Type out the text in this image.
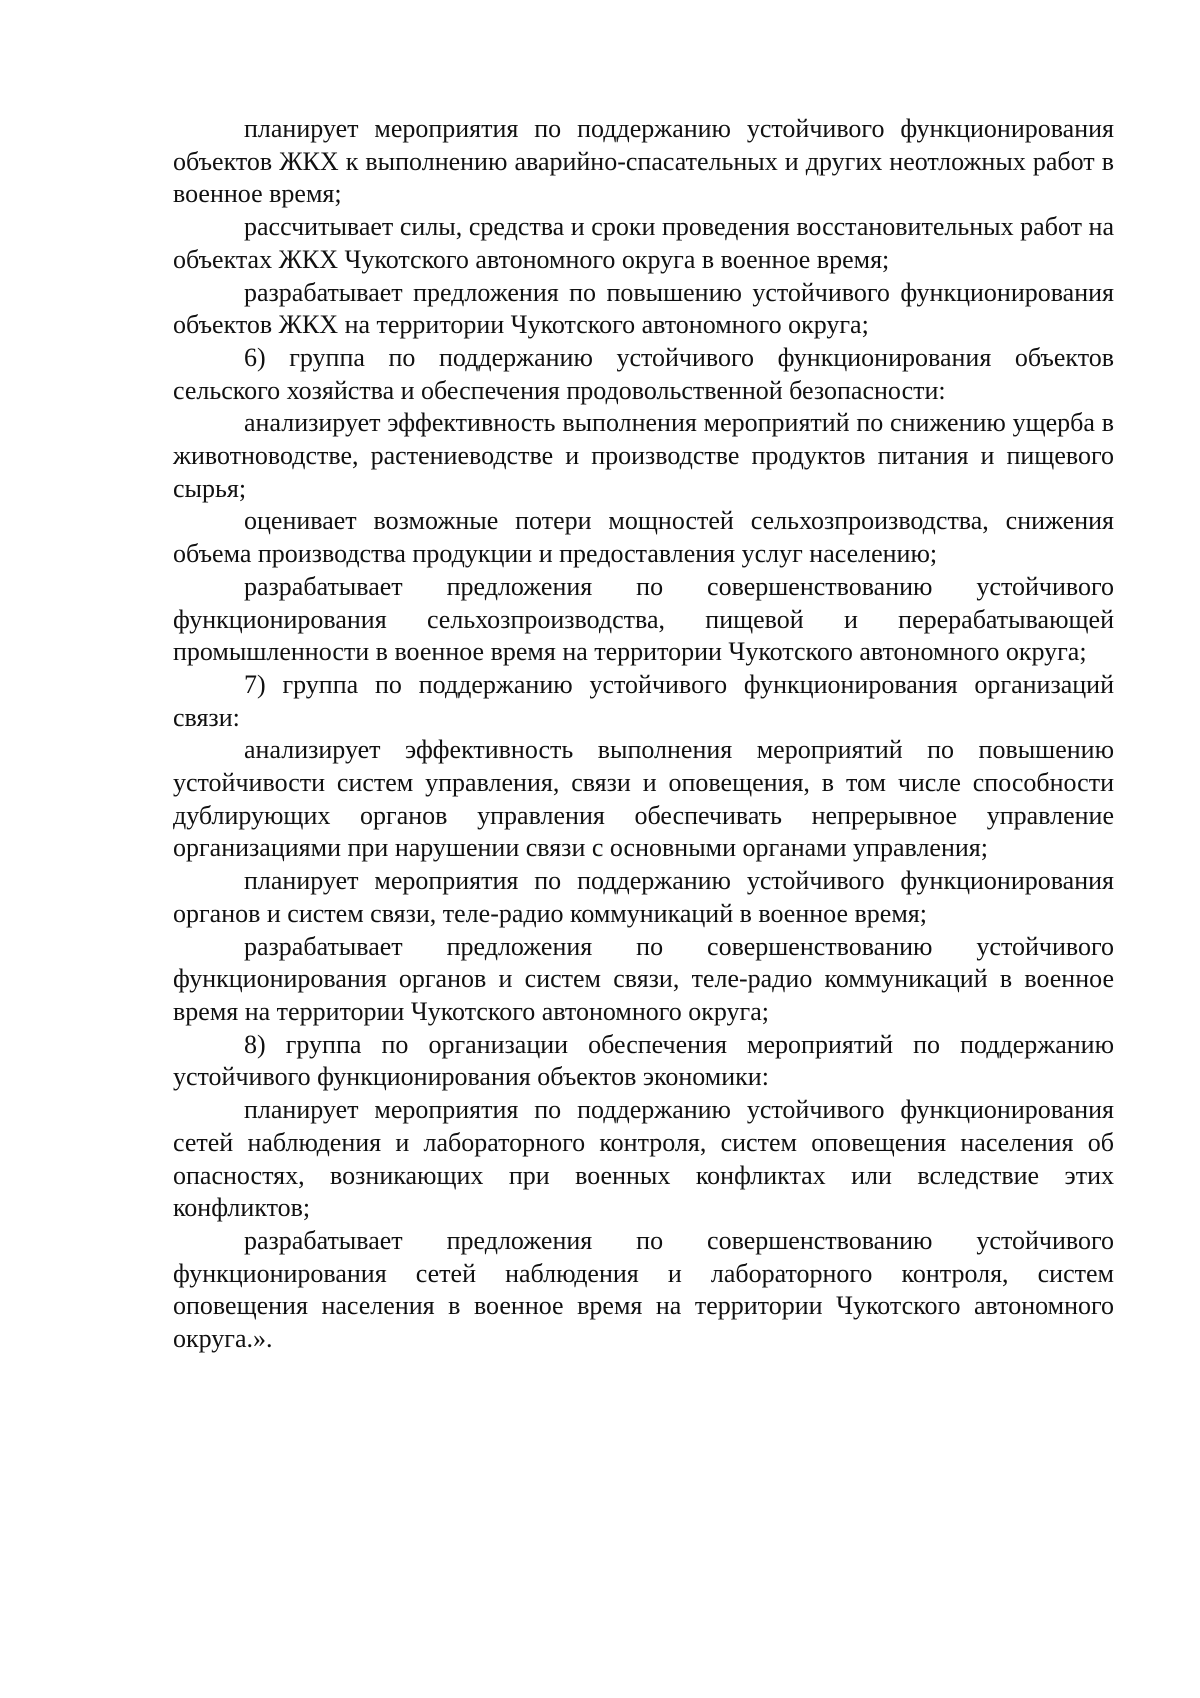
планирует мероприятия по поддержанию устойчивого функционирования объектов ЖКХ к выполнению аварийно-спасательных и других неотложных работ в военное время;

рассчитывает силы, средства и сроки проведения восстановительных работ на объектах ЖКХ Чукотского автономного округа в военное время;

разрабатывает предложения по повышению устойчивого функционирования объектов ЖКХ на территории Чукотского автономного округа;

6) группа по поддержанию устойчивого функционирования объектов сельского хозяйства и обеспечения продовольственной безопасности:

анализирует эффективность выполнения мероприятий по снижению ущерба в животноводстве, растениеводстве и производстве продуктов питания и пищевого сырья;

оценивает возможные потери мощностей сельхозпроизводства, снижения объема производства продукции и предоставления услуг населению;

разрабатывает предложения по совершенствованию устойчивого функционирования сельхозпроизводства, пищевой и перерабатывающей промышленности в военное время на территории Чукотского автономного округа;

7) группа по поддержанию устойчивого функционирования организаций связи:

анализирует эффективность выполнения мероприятий по повышению устойчивости систем управления, связи и оповещения, в том числе способности дублирующих органов управления обеспечивать непрерывное управление организациями при нарушении связи с основными органами управления;

планирует мероприятия по поддержанию устойчивого функционирования органов и систем связи, теле-радио коммуникаций в военное время;

разрабатывает предложения по совершенствованию устойчивого функционирования органов и систем связи, теле-радио коммуникаций в военное время на территории Чукотского автономного округа;

8) группа по организации обеспечения мероприятий по поддержанию устойчивого функционирования объектов экономики:

планирует мероприятия по поддержанию устойчивого функционирования сетей наблюдения и лабораторного контроля, систем оповещения населения об опасностях, возникающих при военных конфликтах или вследствие этих конфликтов;

разрабатывает предложения по совершенствованию устойчивого функционирования сетей наблюдения и лабораторного контроля, систем оповещения населения в военное время на территории Чукотского автономного округа.».
